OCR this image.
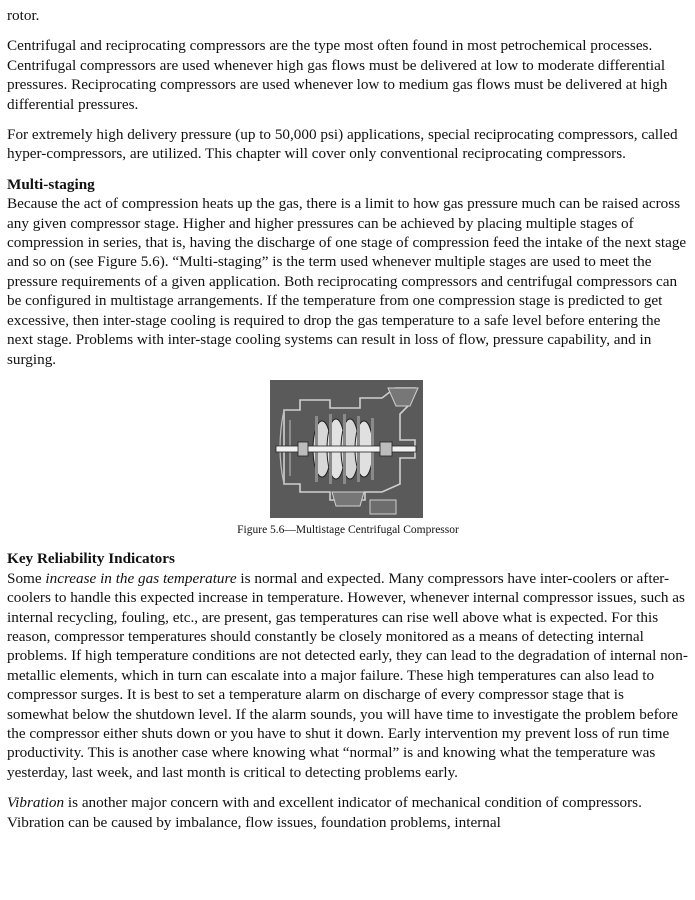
rotor.

Centrifugal and reciprocating compressors are the type most often found in most petrochemical processes. Centrifugal compressors are used whenever high gas flows must be delivered at low to moderate differential pressures. Reciprocating compressors are used whenever low to medium gas flows must be delivered at high differential pressures.

For extremely high delivery pressure (up to 50,000 psi) applications, special reciprocating compressors, called hyper-compressors, are utilized. This chapter will cover only conventional reciprocating compressors.

Multi-staging
Because the act of compression heats up the gas, there is a limit to how gas pressure much can be raised across any given compressor stage. Higher and higher pressures can be achieved by placing multiple stages of compression in series, that is, having the discharge of one stage of compression feed the intake of the next stage and so on (see Figure 5.6). “Multi-staging” is the term used whenever multiple stages are used to meet the pressure requirements of a given application. Both reciprocating compressors and centrifugal compressors can be configured in multistage arrangements. If the temperature from one compression stage is predicted to get excessive, then inter-stage cooling is required to drop the gas temperature to a safe level before entering the next stage. Problems with inter-stage cooling systems can result in loss of flow, pressure capability, and in surging.
Figure 5.6—Multistage Centrifugal Compressor
Key Reliability Indicators
Some increase in the gas temperature is normal and expected. Many compressors have inter-coolers or after-coolers to handle this expected increase in temperature. However, whenever internal compressor issues, such as internal recycling, fouling, etc., are present, gas temperatures can rise well above what is expected. For this reason, compressor temperatures should constantly be closely monitored as a means of detecting internal problems. If high temperature conditions are not detected early, they can lead to the degradation of internal non-metallic elements, which in turn can escalate into a major failure. These high temperatures can also lead to compressor surges. It is best to set a temperature alarm on discharge of every compressor stage that is somewhat below the shutdown level. If the alarm sounds, you will have time to investigate the problem before the compressor either shuts down or you have to shut it down. Early intervention my prevent loss of run time productivity. This is another case where knowing what “normal” is and knowing what the temperature was yesterday, last week, and last month is critical to detecting problems early.

Vibration is another major concern with and excellent indicator of mechanical condition of compressors. Vibration can be caused by imbalance, flow issues, foundation problems, internal
